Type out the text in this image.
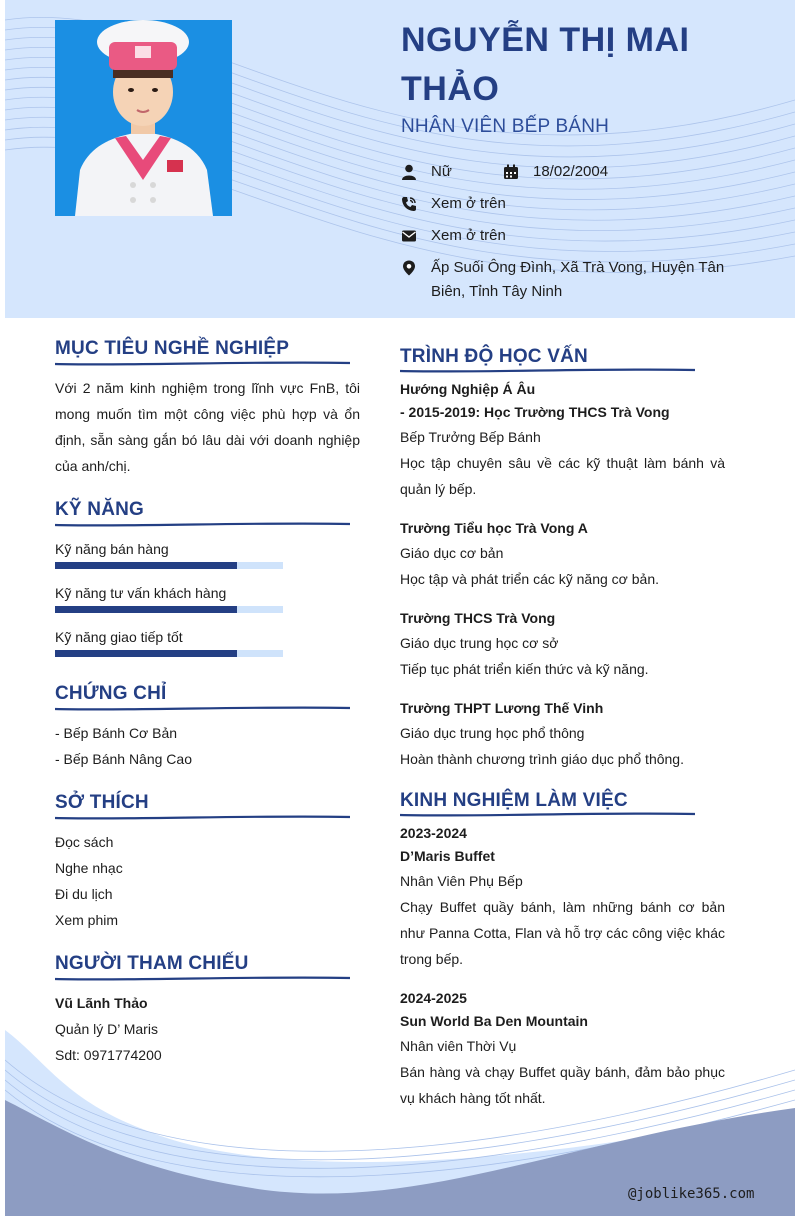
NGUYỄN THỊ MAI THẢO
NHÂN VIÊN BẾP BÁNH
Nữ	18/02/2004
Xem ở trên
Xem ở trên
Ấp Suối Ông Đình, Xã Trà Vong, Huyện Tân Biên, Tỉnh Tây Ninh
MỤC TIÊU NGHỀ NGHIỆP
Với 2 năm kinh nghiệm trong lĩnh vực FnB, tôi mong muốn tìm một công việc phù hợp và ổn định, sẵn sàng gắn bó lâu dài với doanh nghiệp của anh/chị.
KỸ NĂNG
Kỹ năng bán hàng
Kỹ năng tư vấn khách hàng
Kỹ năng giao tiếp tốt
CHỨNG CHỈ
- Bếp Bánh Cơ Bản
- Bếp Bánh Nâng Cao
SỞ THÍCH
Đọc sách
Nghe nhạc
Đi du lịch
Xem phim
NGƯỜI THAM CHIẾU
Vũ Lãnh Thảo
Quản lý D’ Maris
Sdt: 0971774200
TRÌNH ĐỘ HỌC VẤN
Hướng Nghiệp Á Âu
- 2015-2019: Học Trường THCS Trà Vong
Bếp Trưởng Bếp Bánh
Học tập chuyên sâu về các kỹ thuật làm bánh và quản lý bếp.
Trường Tiểu học Trà Vong A
Giáo dục cơ bản
Học tập và phát triển các kỹ năng cơ bản.
Trường THCS Trà Vong
Giáo dục trung học cơ sở
Tiếp tục phát triển kiến thức và kỹ năng.
Trường THPT Lương Thế Vinh
Giáo dục trung học phổ thông
Hoàn thành chương trình giáo dục phổ thông.
KINH NGHIỆM LÀM VIỆC
2023-2024
D’Maris Buffet
Nhân Viên Phụ Bếp
Chạy Buffet quầy bánh, làm những bánh cơ bản như Panna Cotta, Flan và hỗ trợ các công việc khác trong bếp.
2024-2025
Sun World Ba Den Mountain
Nhân viên Thời Vụ
Bán hàng và chạy Buffet quầy bánh, đảm bảo phục vụ khách hàng tốt nhất.
@joblike365.com
